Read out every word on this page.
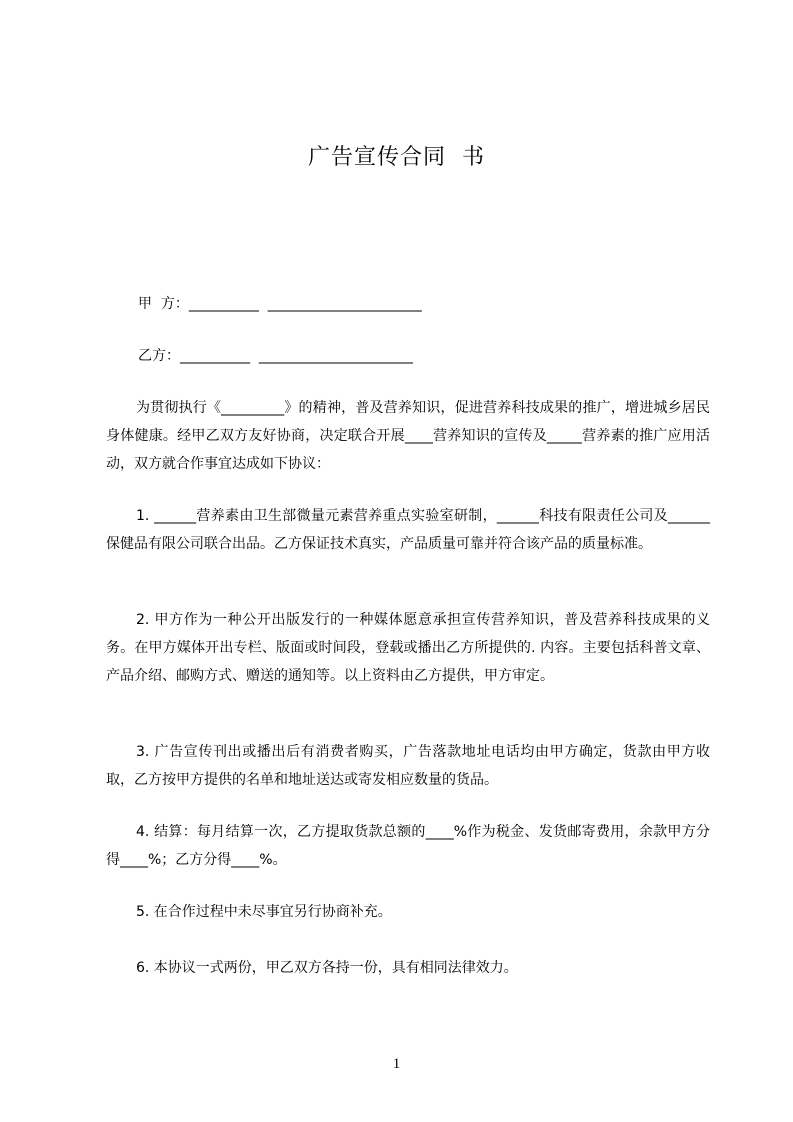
广告宣传合同  书
甲  方：__________  ______________________
乙方：__________  ______________________
为贯彻执行《_________》的精神，普及营养知识，促进营养科技成果的推广，增进城乡居民身体健康。经甲乙双方友好协商，决定联合开展____营养知识的宣传及_____营养素的推广应用活动，双方就合作事宜达成如下协议：
1. ______营养素由卫生部微量元素营养重点实验室研制，______科技有限责任公司及______保健品有限公司联合出品。乙方保证技术真实，产品质量可靠并符合该产品的质量标准。
2. 甲方作为一种公开出版发行的一种媒体愿意承担宣传营养知识，普及营养科技成果的义务。在甲方媒体开出专栏、版面或时间段，登载或播出乙方所提供的. 内容。主要包括科普文章、产品介绍、邮购方式、赠送的通知等。以上资料由乙方提供，甲方审定。
3. 广告宣传刊出或播出后有消费者购买，广告落款地址电话均由甲方确定，货款由甲方收取，乙方按甲方提供的名单和地址送达或寄发相应数量的货品。
4. 结算：每月结算一次，乙方提取货款总额的____%作为税金、发货邮寄费用，余款甲方分得____%；乙方分得____%。
5. 在合作过程中未尽事宜另行协商补充。
6. 本协议一式两份，甲乙双方各持一份，具有相同法律效力。
1
